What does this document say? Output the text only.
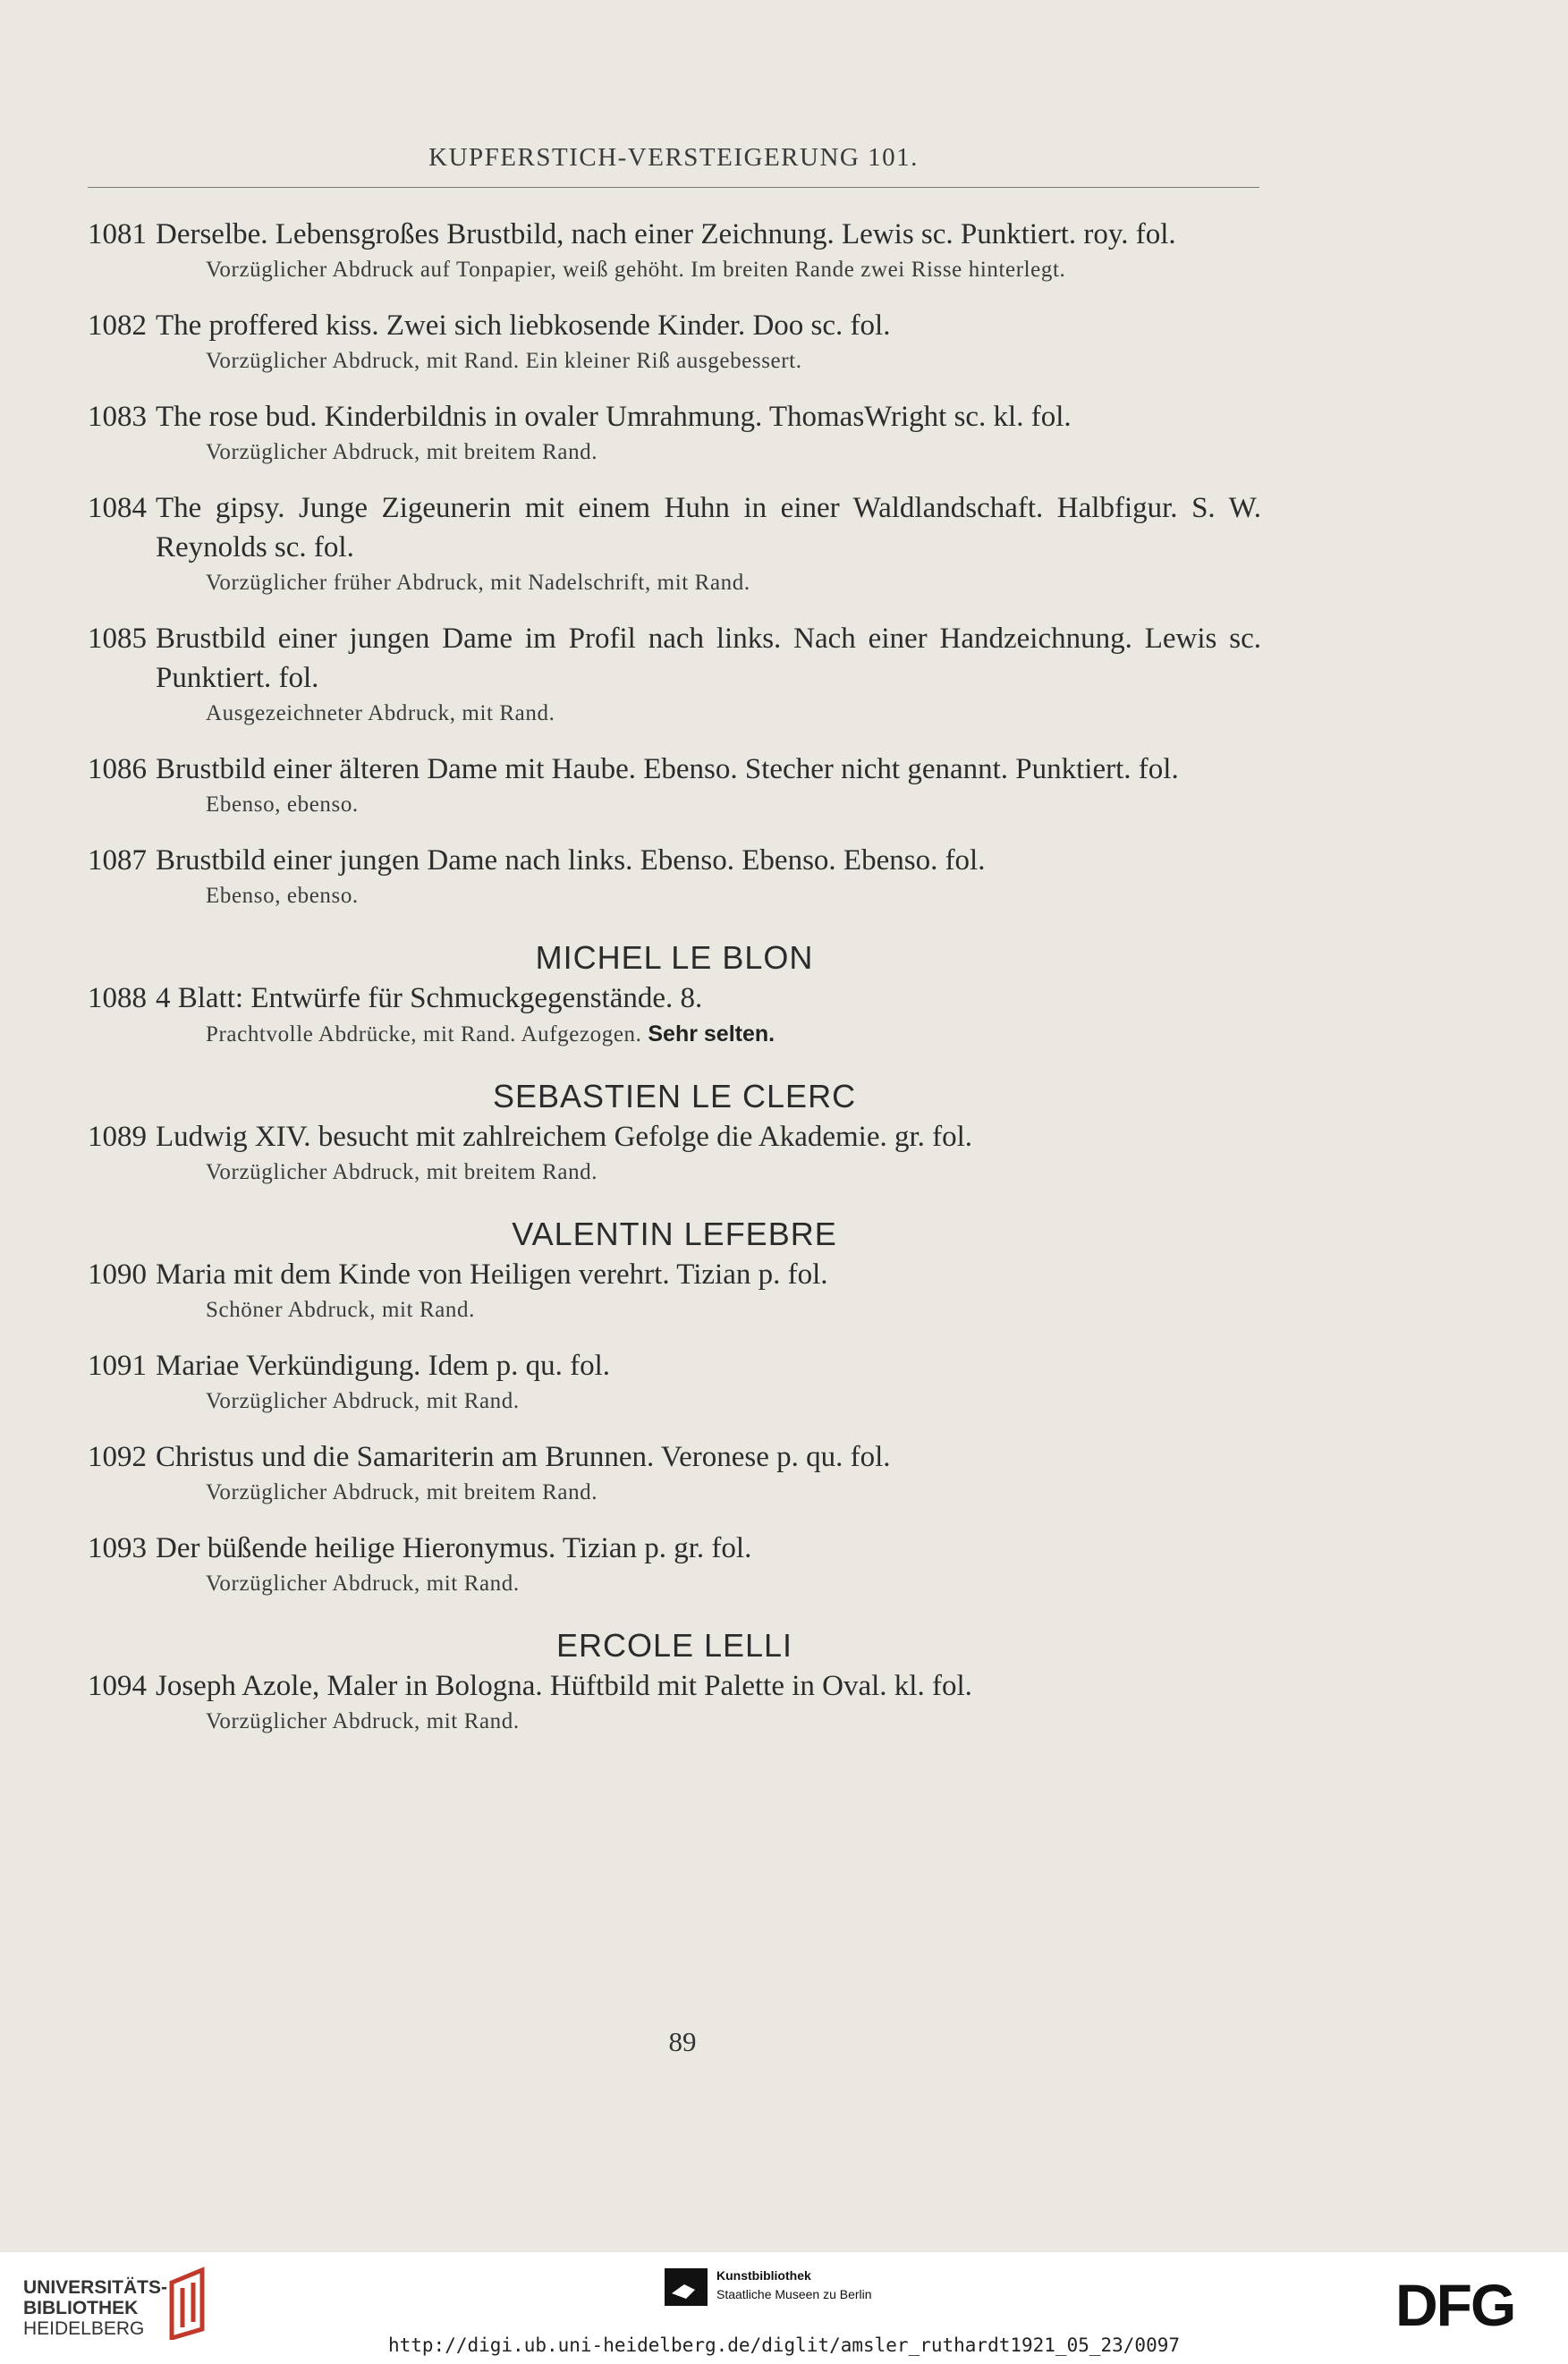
KUPFERSTICH-VERSTEIGERUNG 101.
1081 Derselbe. Lebensgroßes Brustbild, nach einer Zeichnung. Lewis sc. Punktiert. roy. fol.
Vorzüglicher Abdruck auf Tonpapier, weiß gehöht. Im breiten Rande zwei Risse hinterlegt.
1082 The proffered kiss. Zwei sich liebkosende Kinder. Doo sc. fol.
Vorzüglicher Abdruck, mit Rand. Ein kleiner Riß ausgebessert.
1083 The rose bud. Kinderbildnis in ovaler Umrahmung. ThomasWright sc. kl. fol.
Vorzüglicher Abdruck, mit breitem Rand.
1084 The gipsy. Junge Zigeunerin mit einem Huhn in einer Waldlandschaft. Halbfigur. S. W. Reynolds sc. fol.
Vorzüglicher früher Abdruck, mit Nadelschrift, mit Rand.
1085 Brustbild einer jungen Dame im Profil nach links. Nach einer Handzeichnung. Lewis sc. Punktiert. fol.
Ausgezeichneter Abdruck, mit Rand.
1086 Brustbild einer älteren Dame mit Haube. Ebenso. Stecher nicht genannt. Punktiert. fol.
Ebenso, ebenso.
1087 Brustbild einer jungen Dame nach links. Ebenso. Ebenso. Ebenso. fol.
Ebenso, ebenso.
MICHEL LE BLON
1088 4 Blatt: Entwürfe für Schmuckgegenstände. 8.
Prachtvolle Abdrücke, mit Rand. Aufgezogen. Sehr selten.
SEBASTIEN LE CLERC
1089 Ludwig XIV. besucht mit zahlreichem Gefolge die Akademie. gr. fol.
Vorzüglicher Abdruck, mit breitem Rand.
VALENTIN LEFEBRE
1090 Maria mit dem Kinde von Heiligen verehrt. Tizian p. fol.
Schöner Abdruck, mit Rand.
1091 Mariae Verkündigung. Idem p. qu. fol.
Vorzüglicher Abdruck, mit Rand.
1092 Christus und die Samariterin am Brunnen. Veronese p. qu. fol.
Vorzüglicher Abdruck, mit breitem Rand.
1093 Der büßende heilige Hieronymus. Tizian p. gr. fol.
Vorzüglicher Abdruck, mit Rand.
ERCOLE LELLI
1094 Joseph Azole, Maler in Bologna. Hüftbild mit Palette in Oval. kl. fol.
Vorzüglicher Abdruck, mit Rand.
89
UNIVERSITÄTS-
BIBLIOTHEK
HEIDELBERG
Kunstbibliothek
Staatliche Museen zu Berlin	DFG
http://digi.ub.uni-heidelberg.de/diglit/amsler_ruthardt1921_05_23/0097
